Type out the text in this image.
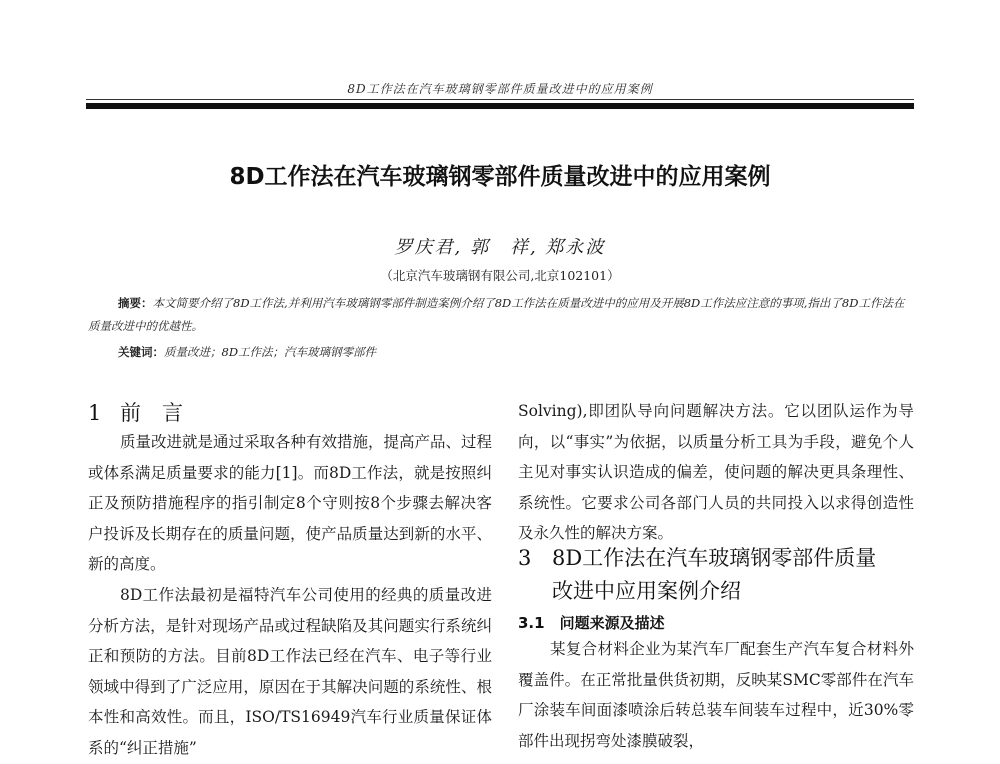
8D工作法在汽车玻璃钢零部件质量改进中的应用案例
8D工作法在汽车玻璃钢零部件质量改进中的应用案例
罗庆君, 郭　祥, 郑永波
（北京汽车玻璃钢有限公司,北京102101）
摘要：本文简要介绍了8D工作法,并利用汽车玻璃钢零部件制造案例介绍了8D工作法在质量改进中的应用及开展8D工作法应注意的事项,指出了8D工作法在质量改进中的优越性。
关键词：质量改进；8D工作法；汽车玻璃钢零部件
1 前　言

质量改进就是通过采取各种有效措施，提高产品、过程或体系满足质量要求的能力[1]。而8D工作法，就是按照纠正及预防措施程序的指引制定8个守则按8个步骤去解决客户投诉及长期存在的质量问题，使产品质量达到新的水平、新的高度。

8D工作法最初是福特汽车公司使用的经典的质量改进分析方法，是针对现场产品或过程缺陷及其问题实行系统纠正和预防的方法。目前8D工作法已经在汽车、电子等行业领域中得到了广泛应用，原因在于其解决问题的系统性、根本性和高效性。而且，ISO/TS16949汽车行业质量保证体系的“纠正措施”

Solving),即团队导向问题解决方法。它以团队运作为导向，以“事实”为依据，以质量分析工具为手段，避免个人主见对事实认识造成的偏差，使问题的解决更具条理性、系统性。它要求公司各部门人员的共同投入以求得创造性及永久性的解决方案。

3 8D工作法在汽车玻璃钢零部件质量
改进中应用案例介绍
3.1　问题来源及描述

某复合材料企业为某汽车厂配套生产汽车复合材料外覆盖件。在正常批量供货初期，反映某SMC零部件在汽车厂涂装车间面漆喷涂后转总装车间装车过程中，近30%零部件出现拐弯处漆膜破裂，
